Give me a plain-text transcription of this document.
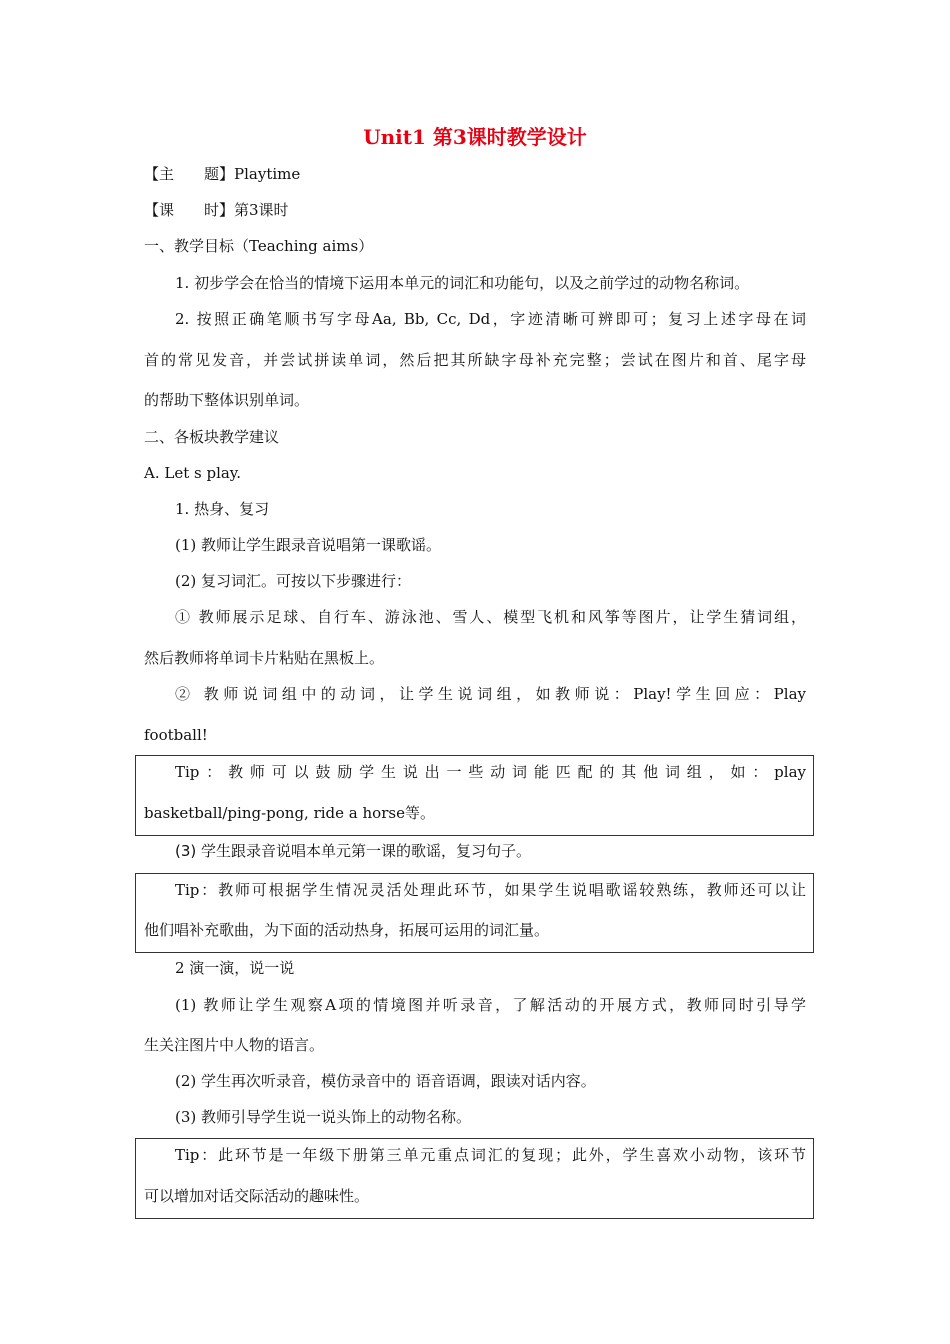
Unit1 第3课时教学设计
【主　　题】Playtime
【课　　时】第3课时
一、教学目标（Teaching aims）
1. 初步学会在恰当的情境下运用本单元的词汇和功能句，以及之前学过的动物名称词。
2. 按照正确笔顺书写字母Aa, Bb, Cc, Dd，字迹清晰可辨即可；复习上述字母在词
首的常见发音，并尝试拼读单词，然后把其所缺字母补充完整；尝试在图片和首、尾字母
的帮助下整体识别单词。
二、各板块教学建议
A. Let s play.
1. 热身、复习
(1) 教师让学生跟录音说唱第一课歌谣。
(2) 复习词汇。可按以下步骤进行：
① 教师展示足球、自行车、游泳池、雪人、模型飞机和风筝等图片，让学生猜词组，
然后教师将单词卡片粘贴在黑板上。
② 教师说词组中的动词，让学生说词组，如教师说：Play!学生回应：Play
football!
Tip：教师可以鼓励学生说出一些动词能匹配的其他词组，如：play
basketball/ping-pong, ride a horse等。
(3) 学生跟录音说唱本单元第一课的歌谣，复习句子。
Tip：教师可根据学生情况灵活处理此环节，如果学生说唱歌谣较熟练，教师还可以让
他们唱补充歌曲，为下面的活动热身，拓展可运用的词汇量。
2 演一演，说一说
(1) 教师让学生观察A项的情境图并听录音，了解活动的开展方式，教师同时引导学
生关注图片中人物的语言。
(2) 学生再次听录音，模仿录音中的 语音语调，跟读对话内容。
(3) 教师引导学生说一说头饰上的动物名称。
Tip：此环节是一年级下册第三单元重点词汇的复现；此外，学生喜欢小动物，该环节
可以增加对话交际活动的趣味性。
